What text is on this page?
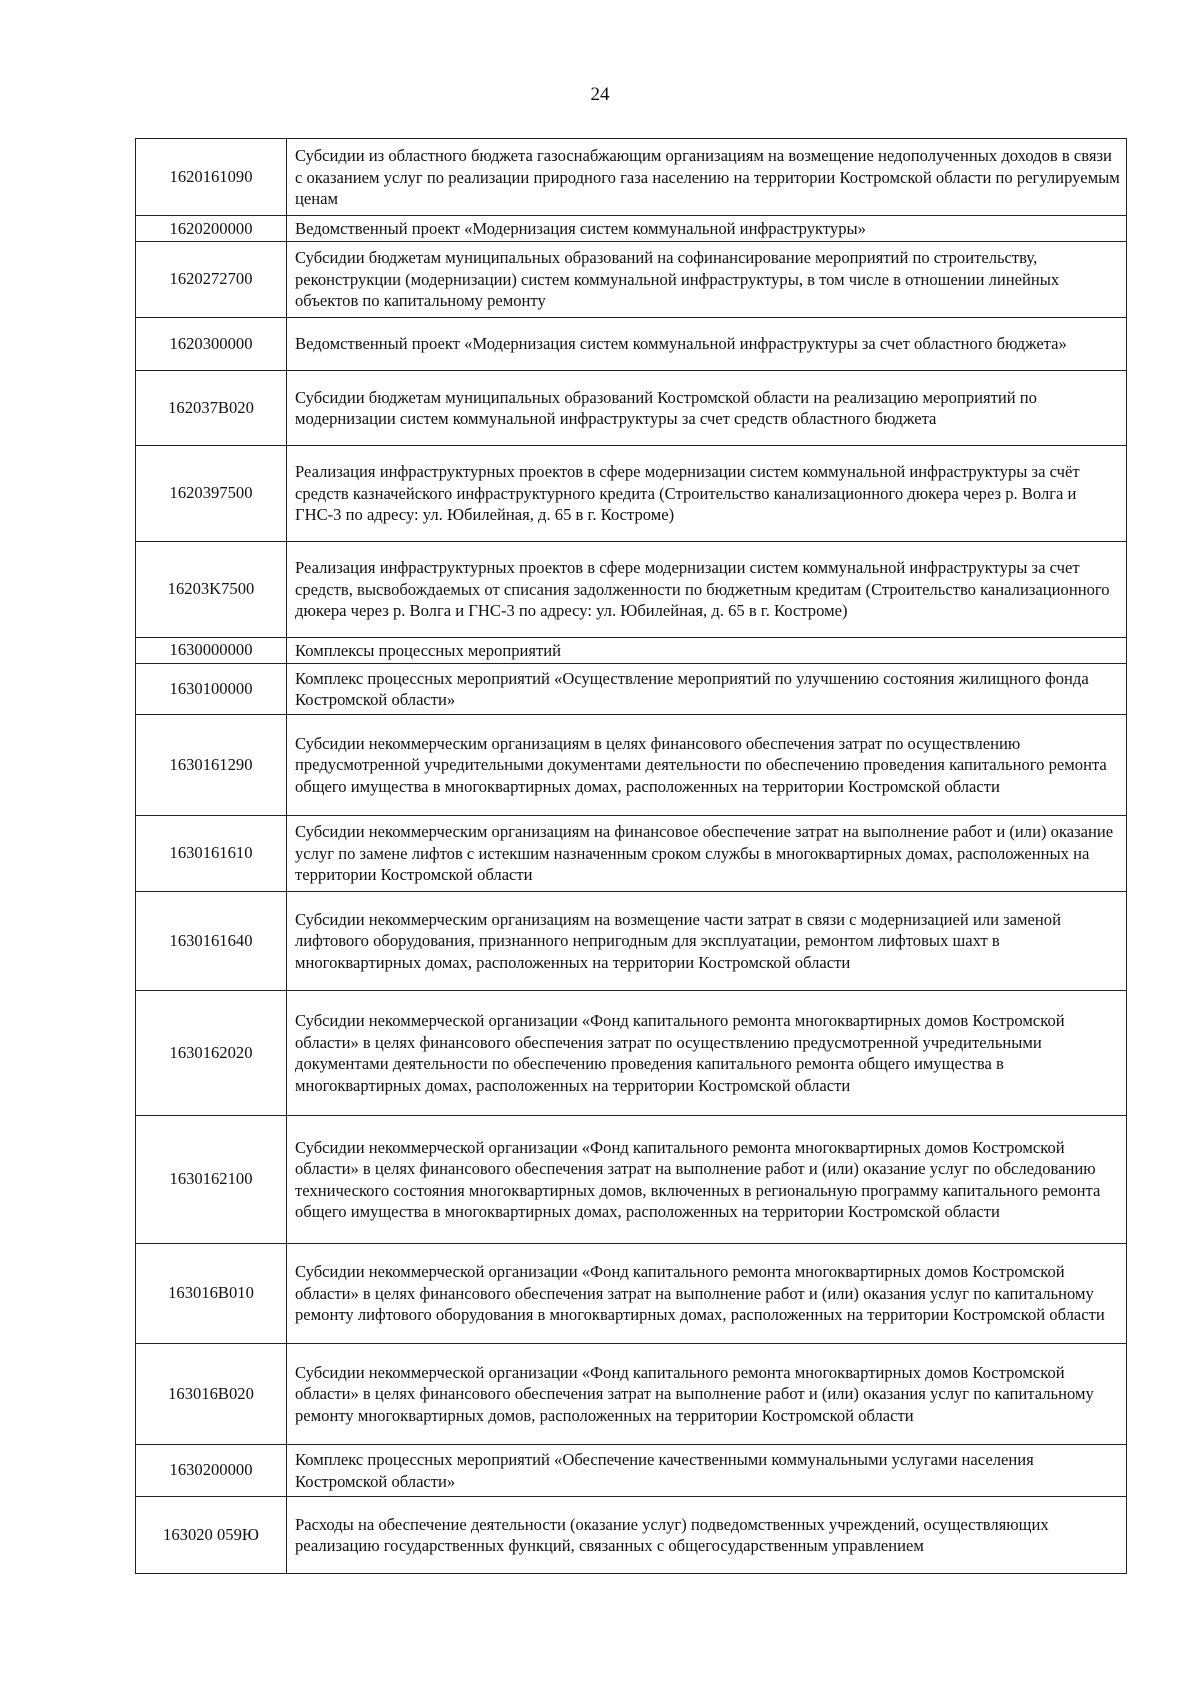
24
1620161090	Субсидии из областного бюджета газоснабжающим организациям на возмещение недополученных доходов в связи с оказанием услуг по реализации природного газа населению на территории Костромской области по регулируемым ценам
1620200000	Ведомственный проект «Модернизация систем коммунальной инфраструктуры»
1620272700	Субсидии бюджетам муниципальных образований на софинансирование мероприятий по строительству, реконструкции (модернизации) систем коммунальной инфраструктуры, в том числе в отношении линейных объектов по капитальному ремонту
1620300000	Ведомственный проект «Модернизация систем коммунальной инфраструктуры за счет областного бюджета»
162037B020	Субсидии бюджетам муниципальных образований Костромской области на реализацию мероприятий по модернизации систем коммунальной инфраструктуры за счет средств областного бюджета
1620397500	Реализация инфраструктурных проектов в сфере модернизации систем коммунальной инфраструктуры за счёт средств казначейского инфраструктурного кредита (Строительство канализационного дюкера через р. Волга и ГНС-3 по адресу: ул. Юбилейная, д. 65 в г. Костроме)
16203K7500	Реализация инфраструктурных проектов в сфере модернизации систем коммунальной инфраструктуры за счет средств, высвобождаемых от списания задолженности по бюджетным кредитам (Строительство канализационного дюкера через р. Волга и ГНС-3 по адресу: ул. Юбилейная, д. 65 в г. Костроме)
1630000000	Комплексы процессных мероприятий
1630100000	Комплекс процессных мероприятий «Осуществление мероприятий по улучшению состояния жилищного фонда Костромской области»
1630161290	Субсидии некоммерческим организациям в целях финансового обеспечения затрат по осуществлению предусмотренной учредительными документами деятельности по обеспечению проведения капитального ремонта общего имущества в многоквартирных домах, расположенных на территории Костромской области
1630161610	Субсидии некоммерческим организациям на финансовое обеспечение затрат на выполнение работ и (или) оказание услуг по замене лифтов с истекшим назначенным сроком службы в многоквартирных домах, расположенных на территории Костромской области
1630161640	Субсидии некоммерческим организациям на возмещение части затрат в связи с модернизацией или заменой лифтового оборудования, признанного непригодным для эксплуатации, ремонтом лифтовых шахт в многоквартирных домах, расположенных на территории Костромской области
1630162020	Субсидии некоммерческой организации «Фонд капитального ремонта многоквартирных домов Костромской области» в целях финансового обеспечения затрат по осуществлению предусмотренной учредительными документами деятельности по обеспечению проведения капитального ремонта общего имущества в многоквартирных домах, расположенных на территории Костромской области
1630162100	Субсидии некоммерческой организации «Фонд капитального ремонта многоквартирных домов Костромской области» в целях финансового обеспечения затрат на выполнение работ и (или) оказание услуг по обследованию технического состояния многоквартирных домов, включенных в региональную программу капитального ремонта общего имущества в многоквартирных домах, расположенных на территории Костромской области
163016B010	Субсидии некоммерческой организации «Фонд капитального ремонта многоквартирных домов Костромской области» в целях финансового обеспечения затрат на выполнение работ и (или) оказания услуг по капитальному ремонту лифтового оборудования в многоквартирных домах, расположенных на территории Костромской области
163016B020	Субсидии некоммерческой организации «Фонд капитального ремонта многоквартирных домов Костромской области» в целях финансового обеспечения затрат на выполнение работ и (или) оказания услуг по капитальному ремонту многоквартирных домов, расположенных на территории Костромской области
1630200000	Комплекс процессных мероприятий «Обеспечение качественными коммунальными услугами населения Костромской области»
163020 059Ю	Расходы на обеспечение деятельности (оказание услуг) подведомственных учреждений, осуществляющих реализацию государственных функций, связанных с общегосударственным управлением
